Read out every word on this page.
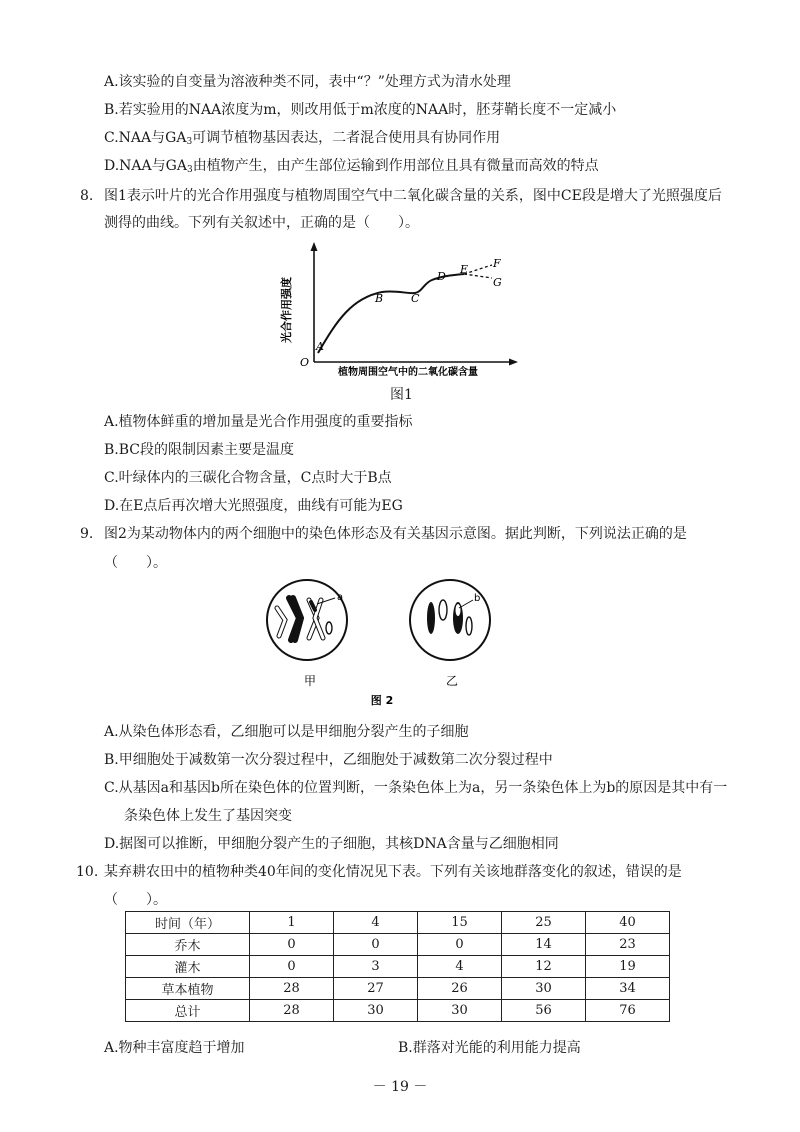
A.该实验的自变量为溶液种类不同，表中“？”处理方式为清水处理
B.若实验用的NAA浓度为m，则改用低于m浓度的NAA时，胚芽鞘长度不一定减小
C.NAA与$GA_3$可调节植物基因表达，二者混合使用具有协同作用
D.NAA与$GA_3$由植物产生，由产生部位运输到作用部位且具有微量而高效的特点
8. 图1表示叶片的光合作用强度与植物周围空气中二氧化碳含量的关系，图中CE段是增大了光照强度后
测得的曲线。下列有关叙述中，正确的是（　　）。
光合作用强度
植物周围空气中的二氧化碳含量
O
A
B	C
D
E F
G
图1
A.植物体鲜重的增加量是光合作用强度的重要指标
B.BC段的限制因素主要是温度
C.叶绿体内的三碳化合物含量，C点时大于B点
D.在E点后再次增大光照强度，曲线有可能为EG
9. 图2为某动物体内的两个细胞中的染色体形态及有关基因示意图。据此判断，下列说法正确的是
（　　）。
a	b
甲	乙
图 2
A.从染色体形态看，乙细胞可以是甲细胞分裂产生的子细胞
B.甲细胞处于减数第一次分裂过程中，乙细胞处于减数第二次分裂过程中
C.从基因a和基因b所在染色体的位置判断，一条染色体上为a，另一条染色体上为b的原因是其中有一
条染色体上发生了基因突变
D.据图可以推断，甲细胞分裂产生的子细胞，其核DNA含量与乙细胞相同
10. 某弃耕农田中的植物种类40年间的变化情况见下表。下列有关该地群落变化的叙述，错误的是
（　　）。
时间（年）	1	4	15	25	40
乔木	0	0	0	14	23
灌木	0	3	4	12	19
草本植物	28	27	26	30	34
总计	28	30	30	56	76
A.物种丰富度趋于增加	B.群落对光能的利用能力提高
－ 19 －
